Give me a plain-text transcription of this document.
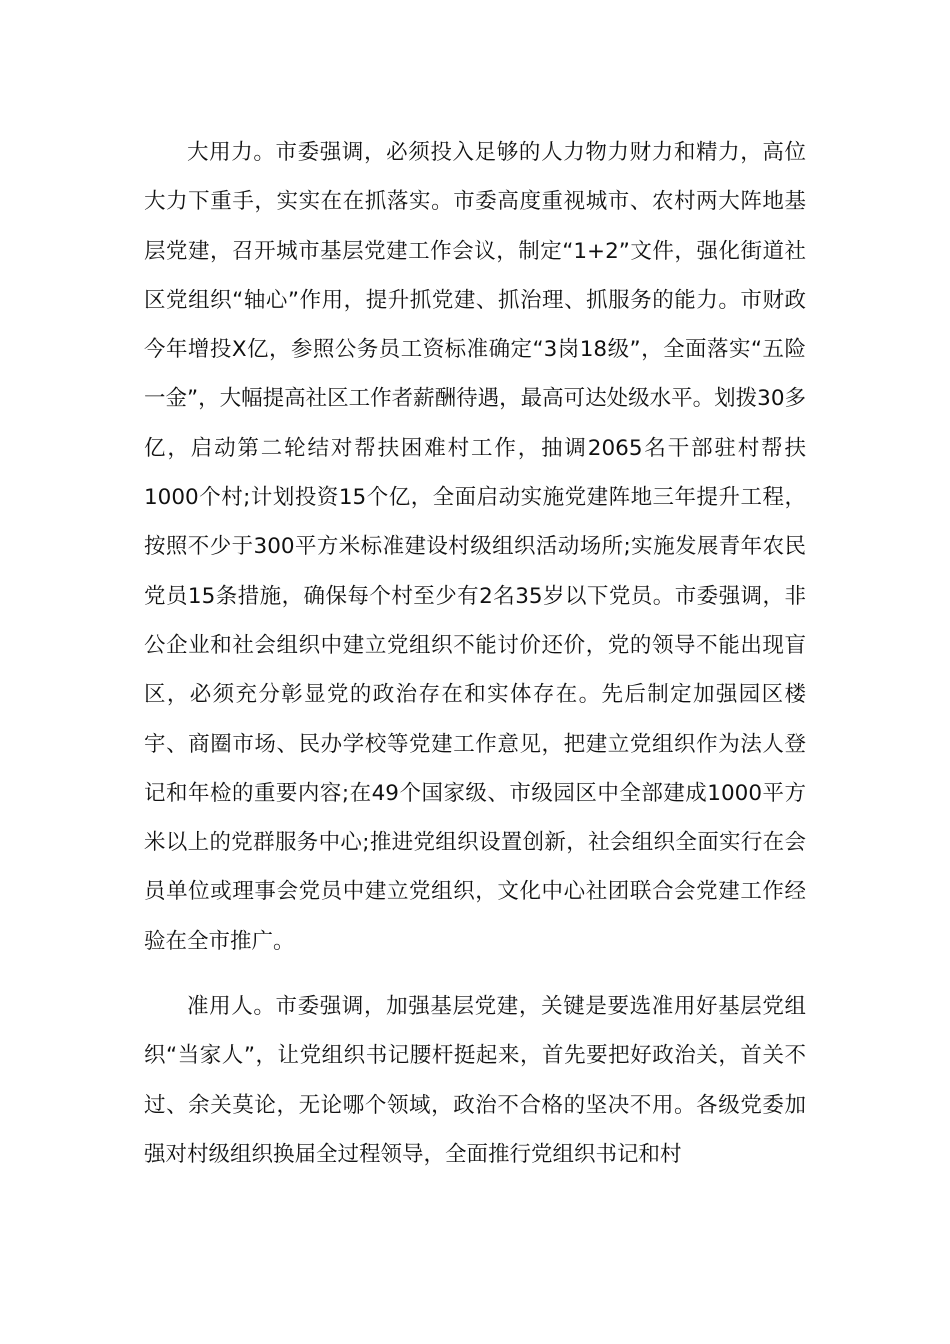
大用力。市委强调，必须投入足够的人力物力财力和精力，高位大力下重手，实实在在抓落实。市委高度重视城市、农村两大阵地基层党建，召开城市基层党建工作会议，制定“1+2”文件，强化街道社区党组织“轴心”作用，提升抓党建、抓治理、抓服务的能力。市财政今年增投X亿，参照公务员工资标准确定“3岗18级”，全面落实“五险一金”，大幅提高社区工作者薪酬待遇，最高可达处级水平。划拨30多亿，启动第二轮结对帮扶困难村工作，抽调2065名干部驻村帮扶1000个村;计划投资15个亿，全面启动实施党建阵地三年提升工程，按照不少于300平方米标准建设村级组织活动场所;实施发展青年农民党员15条措施，确保每个村至少有2名35岁以下党员。市委强调，非公企业和社会组织中建立党组织不能讨价还价，党的领导不能出现盲区，必须充分彰显党的政治存在和实体存在。先后制定加强园区楼宇、商圈市场、民办学校等党建工作意见，把建立党组织作为法人登记和年检的重要内容;在49个国家级、市级园区中全部建成1000平方米以上的党群服务中心;推进党组织设置创新，社会组织全面实行在会员单位或理事会党员中建立党组织，文化中心社团联合会党建工作经验在全市推广。

准用人。市委强调，加强基层党建，关键是要选准用好基层党组织“当家人”，让党组织书记腰杆挺起来，首先要把好政治关，首关不过、余关莫论，无论哪个领域，政治不合格的坚决不用。各级党委加强对村级组织换届全过程领导，全面推行党组织书记和村
